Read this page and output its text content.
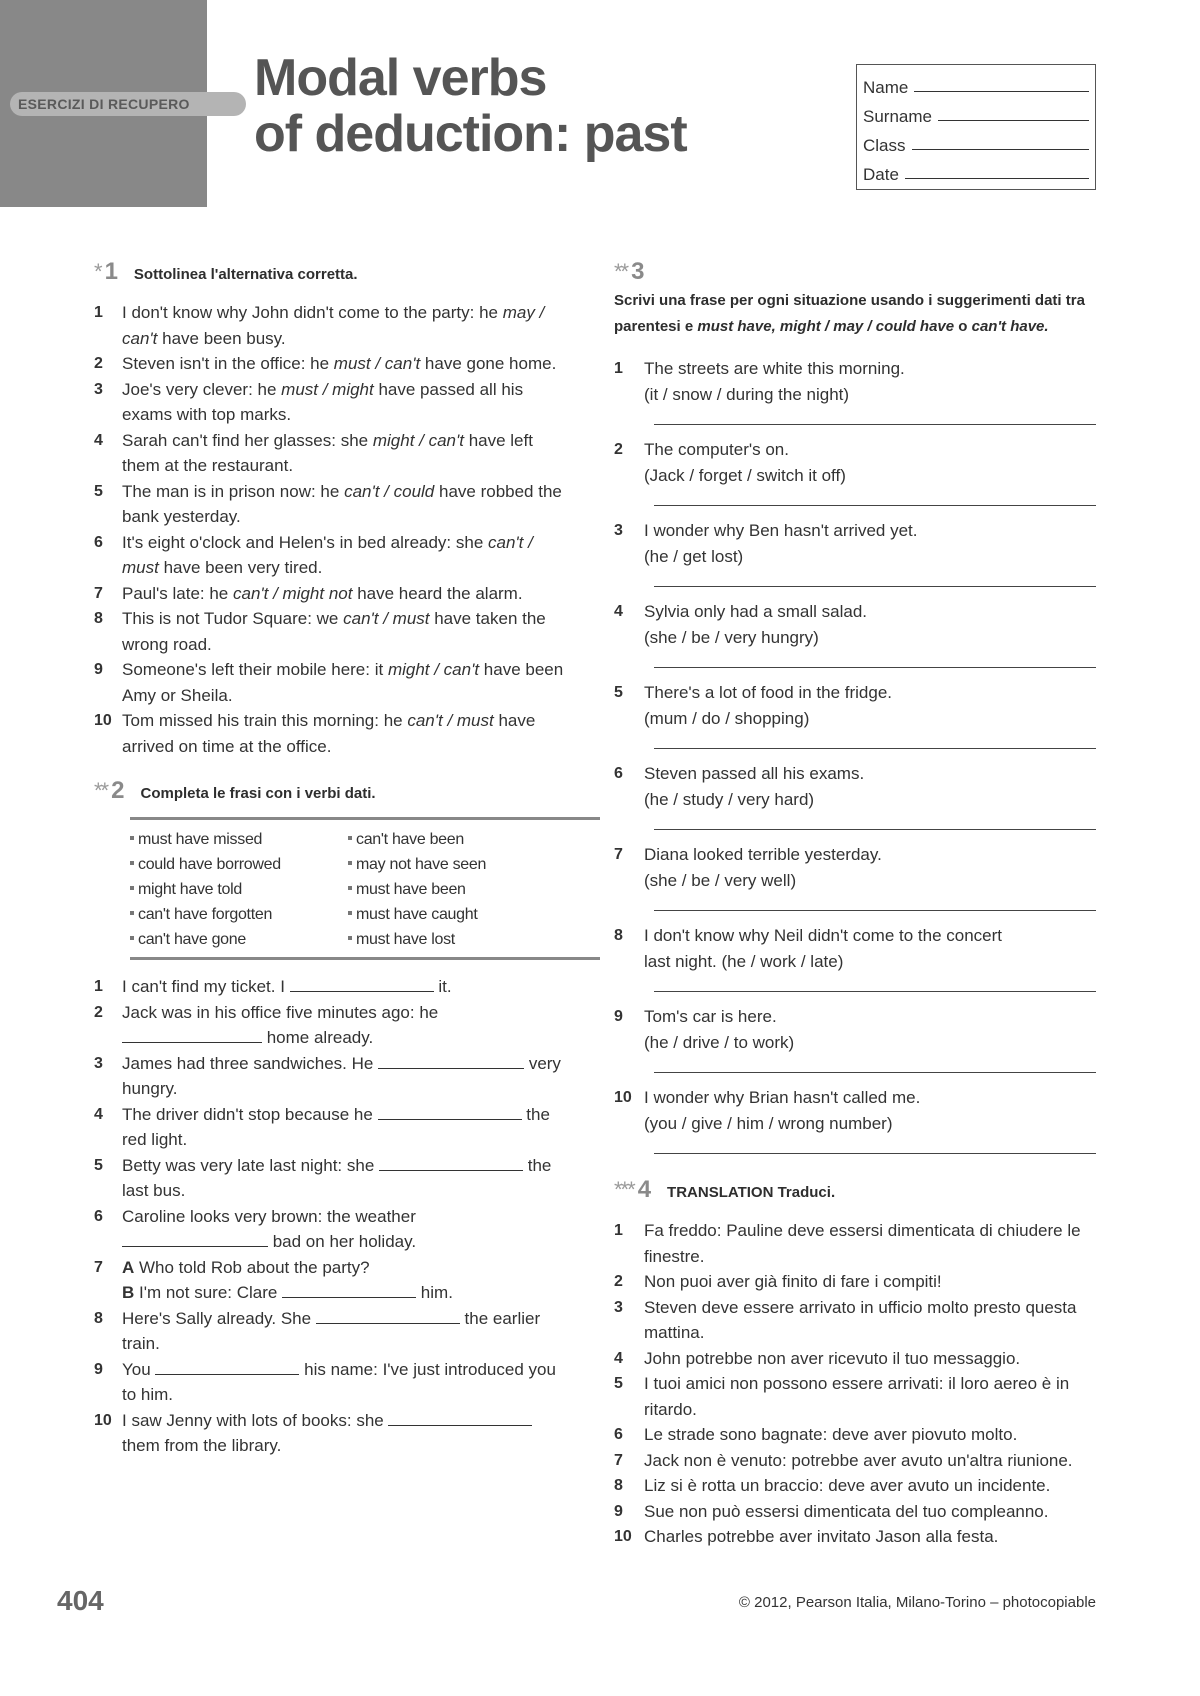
ESERCIZI DI RECUPERO	Modal verbs
of deduction: past
Name
Surname
Class
Date
* 1 Sottolinea l'alternativa corretta.
1	I don't know why John didn't come to the party: he may / can't have been busy.
2	Steven isn't in the office: he must / can't have gone home.
3	Joe's very clever: he must / might have passed all his exams with top marks.
4	Sarah can't find her glasses: she might / can't have left them at the restaurant.
5	The man is in prison now: he can't / could have robbed the bank yesterday.
6	It's eight o'clock and Helen's in bed already: she can't / must have been very tired.
7	Paul's late: he can't / might not have heard the alarm.
8	This is not Tudor Square: we can't / must have taken the wrong road.
9	Someone's left their mobile here: it might / can't have been Amy or Sheila.
10 Tom missed his train this morning: he can't / must have arrived on time at the office.
** 2 Completa le frasi con i verbi dati.
must have missed	can't have been
could have borrowed	may not have seen
might have told	must have been
can't have forgotten	must have caught
can't have gone	must have lost
1	I can't find my ticket. I	it.
2	Jack was in his office five minutes ago: he  home already.
3	James had three sandwiches. He	very hungry.
4	The driver didn't stop because he	the red light.
5	Betty was very late last night: she	the last bus.
6	Caroline looks very brown: the weather  bad on her holiday.
7	A Who told Rob about the party?
B I'm not sure: Clare	him.
8	Here's Sally already. She	the earlier train.
9	You	his name: I've just introduced you to him.
10 I saw Jenny with lots of books: she  them from the library.
** 3
Scrivi una frase per ogni situazione usando i suggerimenti dati tra parentesi e must have, might / may / could have o can't have.
1	The streets are white this morning.
(it / snow / during the night)
2	The computer's on.
(Jack / forget / switch it off)
3	I wonder why Ben hasn't arrived yet.
(he / get lost)
4	Sylvia only had a small salad.
(she / be / very hungry)
5	There's a lot of food in the fridge.
(mum / do / shopping)
6	Steven passed all his exams.
(he / study / very hard)
7	Diana looked terrible yesterday.
(she / be / very well)
8	I don't know why Neil didn't come to the concert
last night. (he / work / late)
9	Tom's car is here.
(he / drive / to work)
10 I wonder why Brian hasn't called me.
(you / give / him / wrong number)
*** 4 TRANSLATION Traduci.
1	Fa freddo: Pauline deve essersi dimenticata di chiudere le finestre.
2	Non puoi aver già finito di fare i compiti!
3	Steven deve essere arrivato in ufficio molto presto questa mattina.
4	John potrebbe non aver ricevuto il tuo messaggio.
5	I tuoi amici non possono essere arrivati: il loro aereo è in ritardo.
6	Le strade sono bagnate: deve aver piovuto molto.
7	Jack non è venuto: potrebbe aver avuto un'altra riunione.
8	Liz si è rotta un braccio: deve aver avuto un incidente.
9	Sue non può essersi dimenticata del tuo compleanno.
10 Charles potrebbe aver invitato Jason alla festa.
404	© 2012, Pearson Italia, Milano-Torino – photocopiable
